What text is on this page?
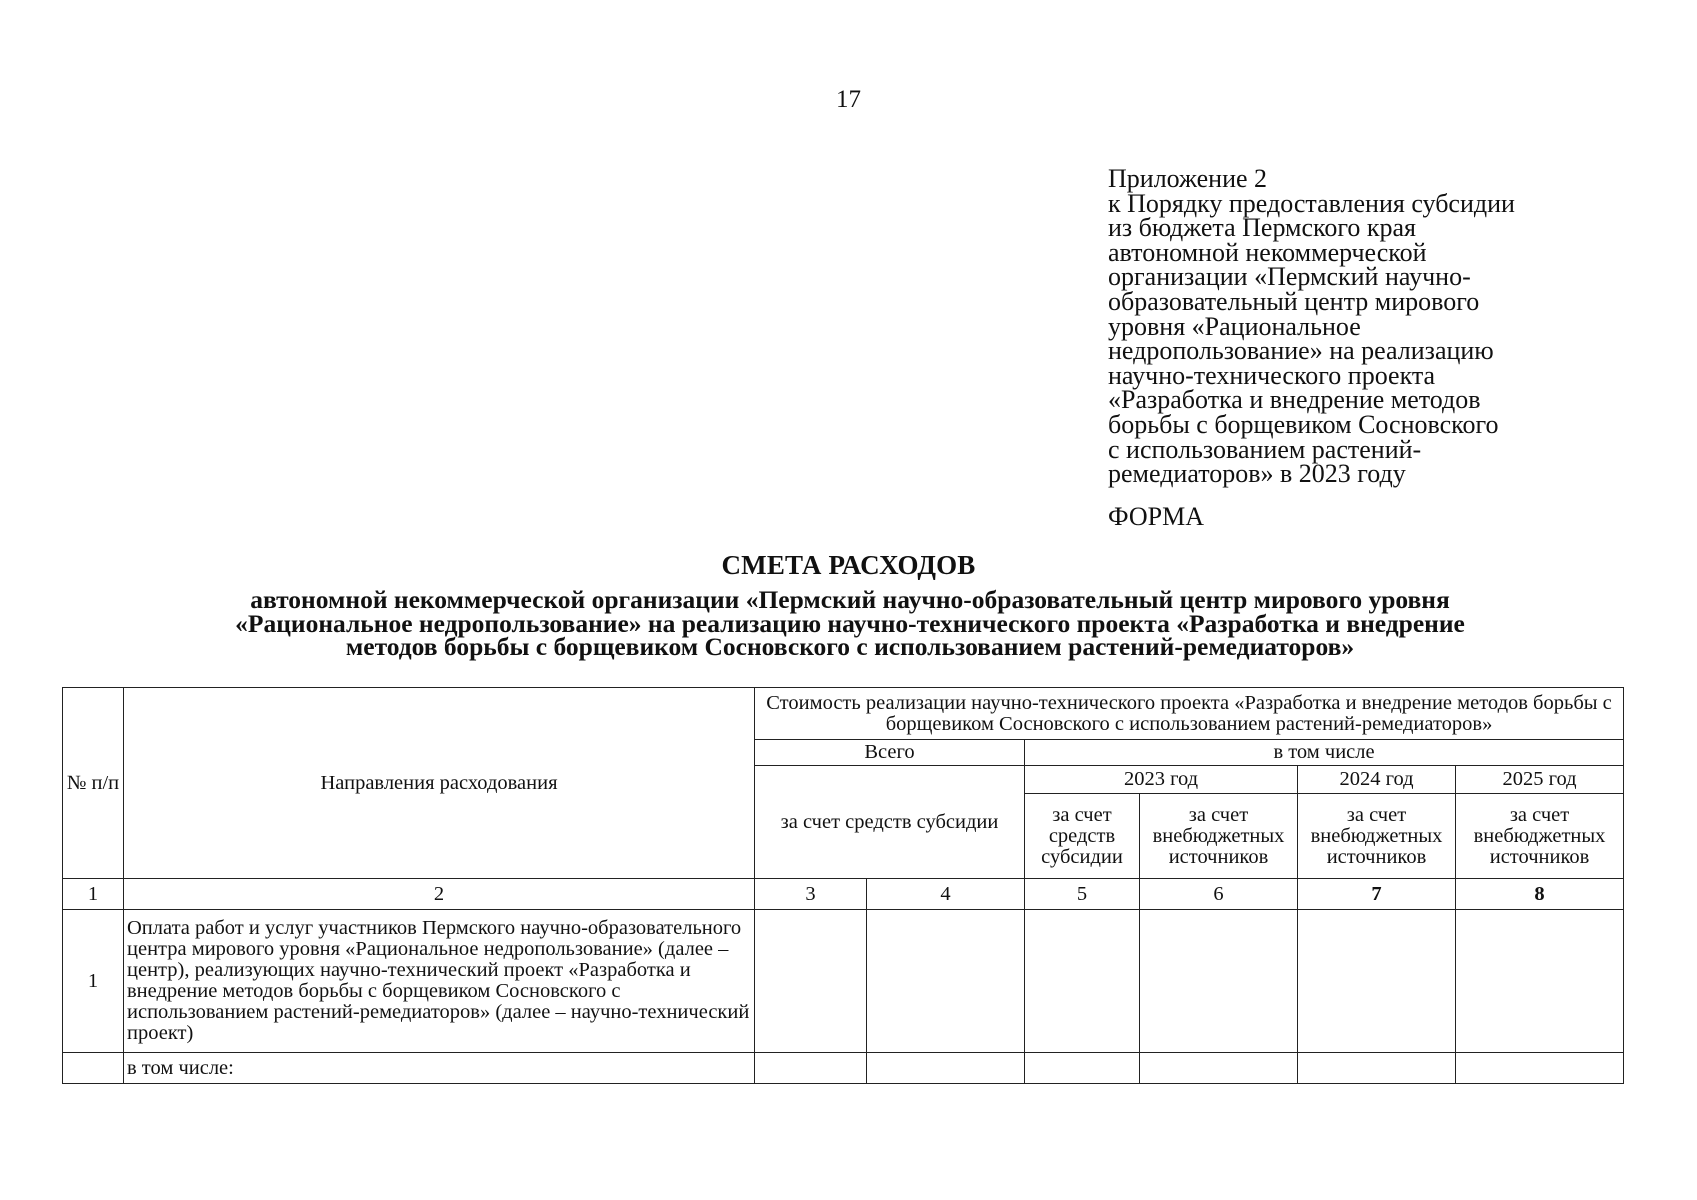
17
Приложение 2
к Порядку предоставления субсидии
из бюджета Пермского края
автономной некоммерческой
организации «Пермский научно-
образовательный центр мирового
уровня «Рациональное
недропользование» на реализацию
научно-технического проекта
«Разработка и внедрение методов
борьбы с борщевиком Сосновского
с использованием растений-
ремедиаторов» в 2023 году
ФОРМА
СМЕТА РАСХОДОВ
автономной некоммерческой организации «Пермский научно-образовательный центр мирового уровня
«Рациональное недропользование» на реализацию научно-технического проекта «Разработка и внедрение
методов борьбы с борщевиком Сосновского с использованием растений-ремедиаторов»
№ п/п	Направления расходования	Стоимость реализации научно-технического проекта «Разработка и внедрение методов борьбы с борщевиком Сосновского с использованием растений-ремедиаторов»					
		Всего		в том числе			
		за счет средств субсидии		2023 год		2024 год	2025 год
				за счет средств субсидии	за счет внебюджетных источников	за счет внебюджетных источников	за счет внебюджетных источников
1	2	3	4	5	6	7	8
1	Оплата работ и услуг участников Пермского научно-образовательного центра мирового уровня «Рациональное недропользование» (далее – центр), реализующих научно-технический проект «Разработка и внедрение методов борьбы с борщевиком Сосновского с использованием растений-ремедиаторов» (далее – научно-технический проект)						
	в том числе:						
